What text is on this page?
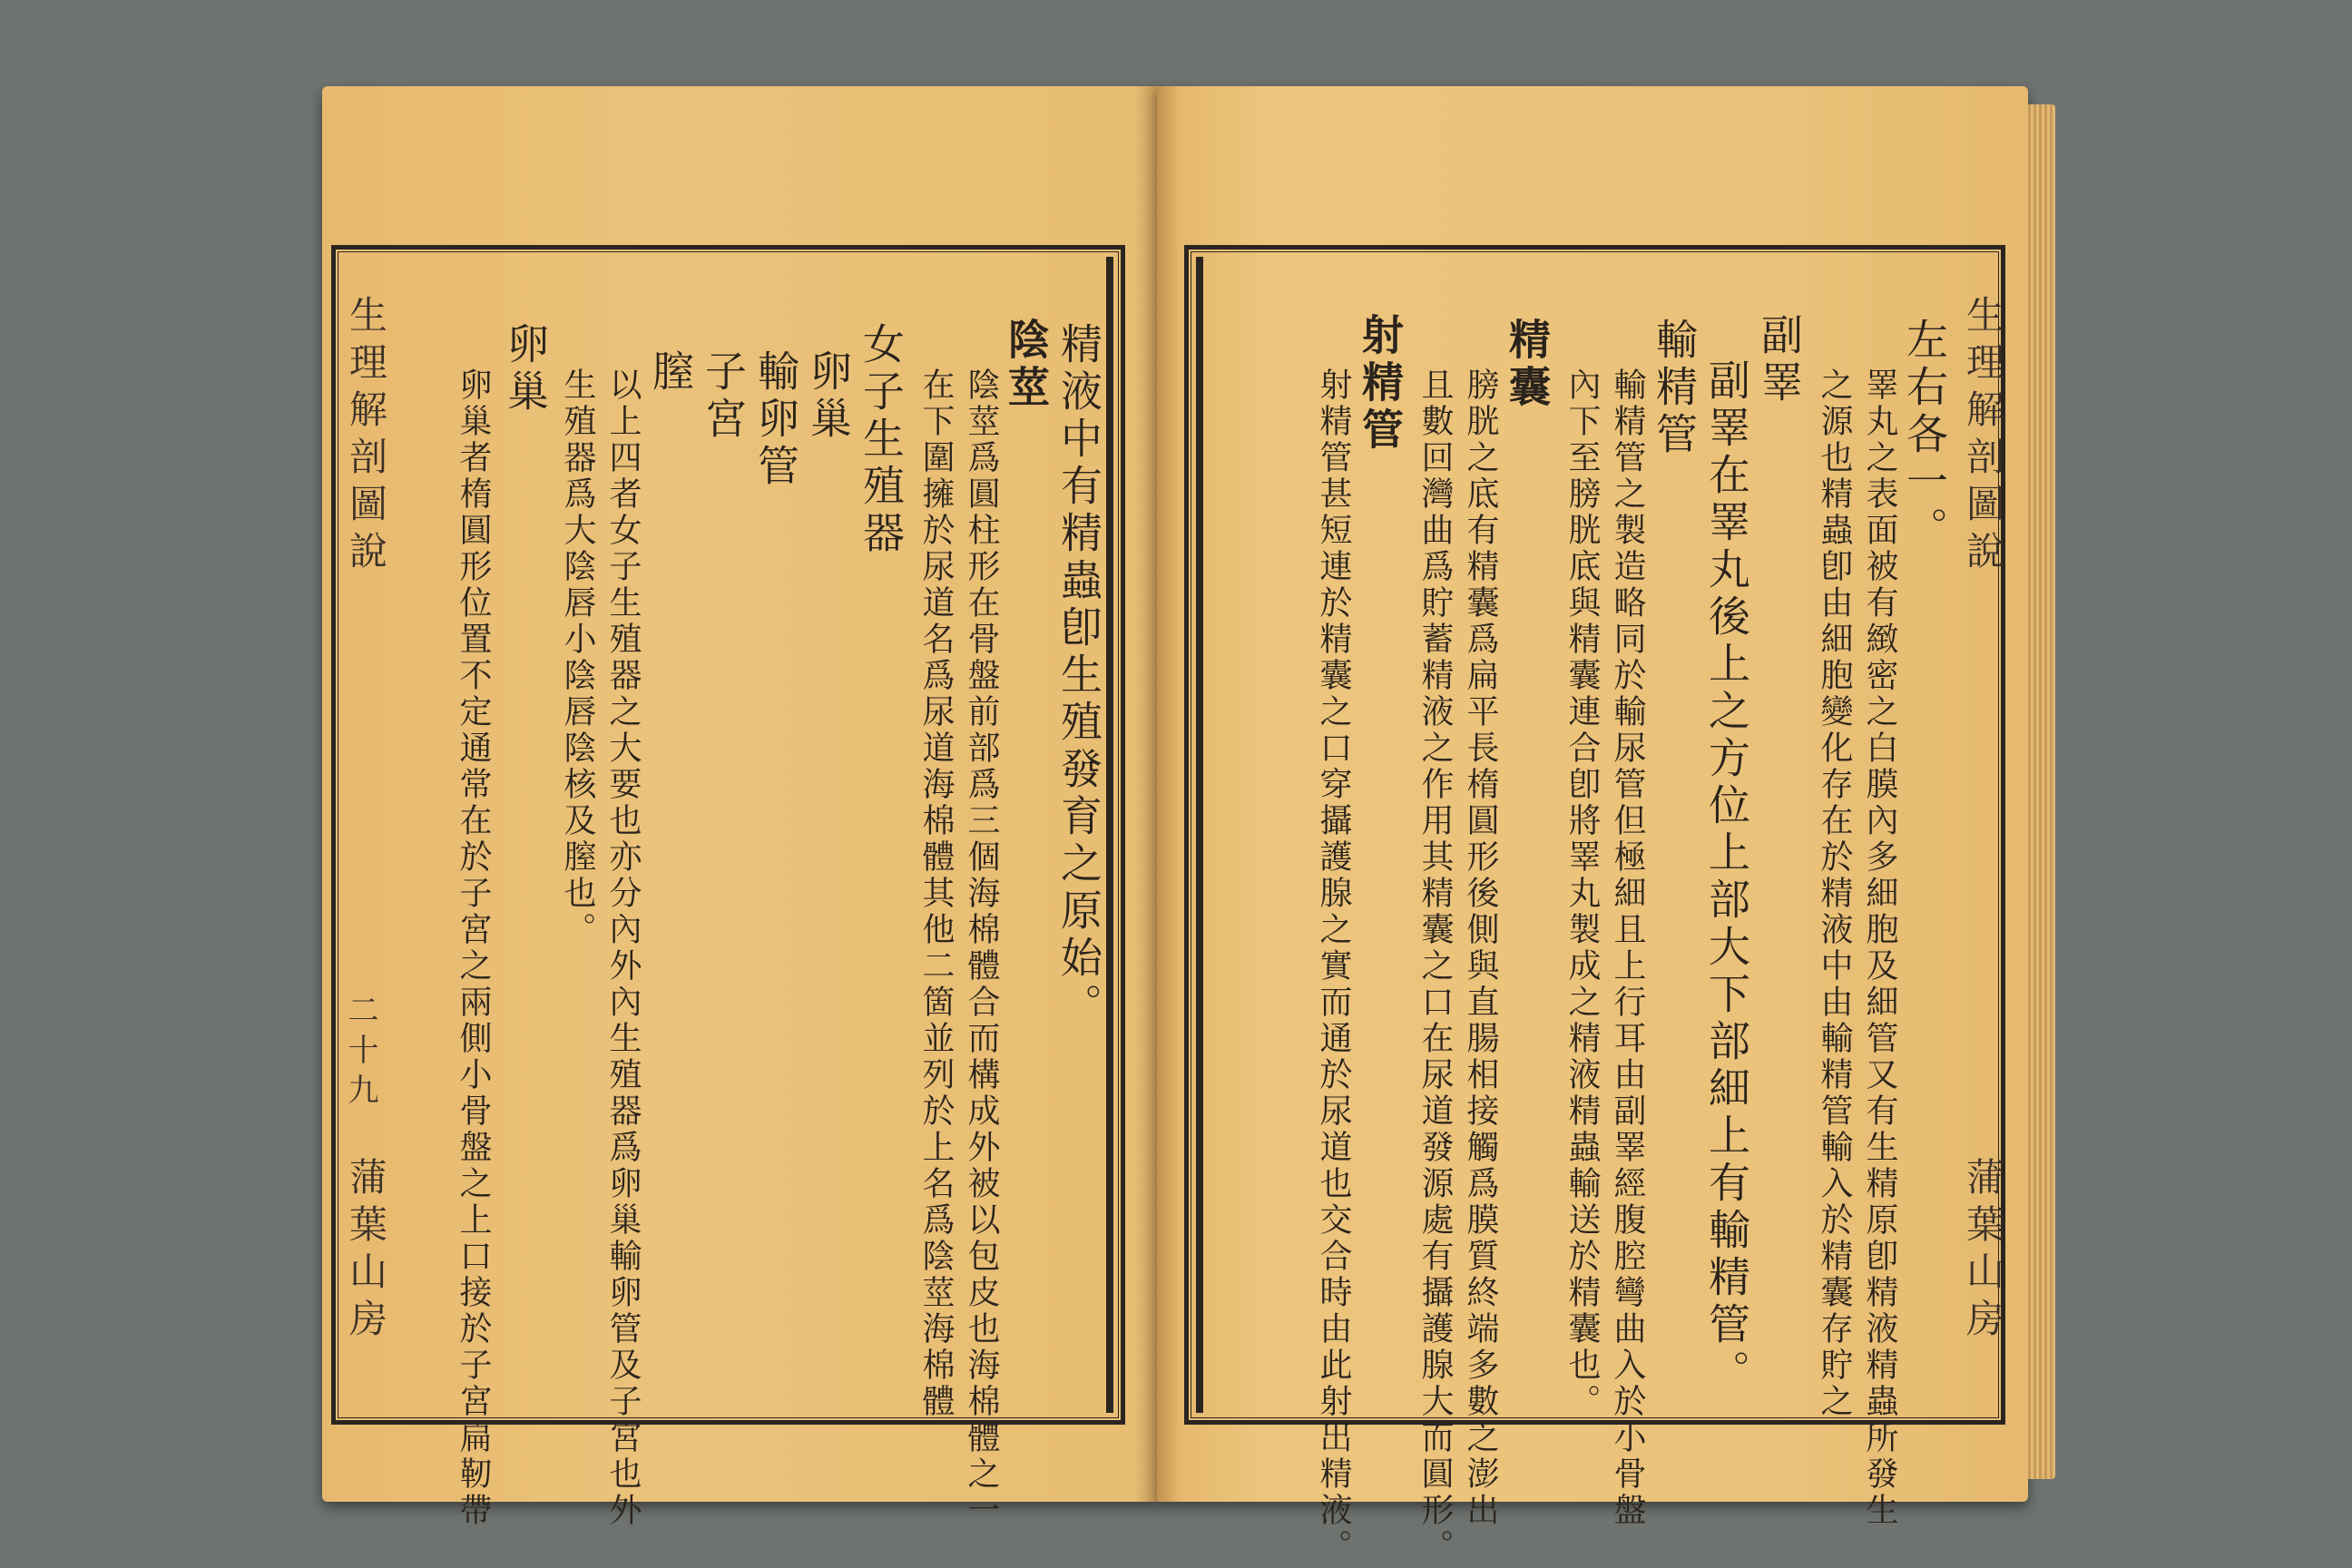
生理解剖圖說
二十九
蒲葉山房
精液中有精蟲卽生殖發育之原始。
陰莖
陰莖爲圓柱形在骨盤前部爲三個海棉體合而構成外被以包皮也海棉體之一
在下圍擁於尿道名爲尿道海棉體其他二箇並列於上名爲陰莖海棉體
女子生殖器
卵巢
輸卵管
子宮
膣
以上四者女子生殖器之大要也亦分內外內生殖器爲卵巢輸卵管及子宮也外
生殖器爲大陰唇小陰唇陰核及膣也。
卵巢
卵巢者楕圓形位置不定通常在於子宮之兩側小骨盤之上口接於子宮扁靭帶	左右各一。
睪丸之表面被有緻密之白膜內多細胞及細管又有生精原卽精液精蟲所發生
之源也精蟲卽由細胞變化存在於精液中由輸精管輸入於精囊存貯之
副睪
副睪在睪丸後上之方位上部大下部細上有輸精管。
輸精管
輸精管之製造略同於輸尿管但極細且上行耳由副睪經腹腔彎曲入於小骨盤
內下至膀胱底與精囊連合卽將睪丸製成之精液精蟲輸送於精囊也。
精囊
膀胱之底有精囊爲扁平長楕圓形後側與直腸相接觸爲膜質終端多數之澎出
且數回灣曲爲貯蓄精液之作用其精囊之口在尿道發源處有攝護腺大而圓形。
射精管
射精管甚短連於精囊之口穿攝護腺之實而通於尿道也交合時由此射出精液。	生理解剖圖說
蒲葉山房
